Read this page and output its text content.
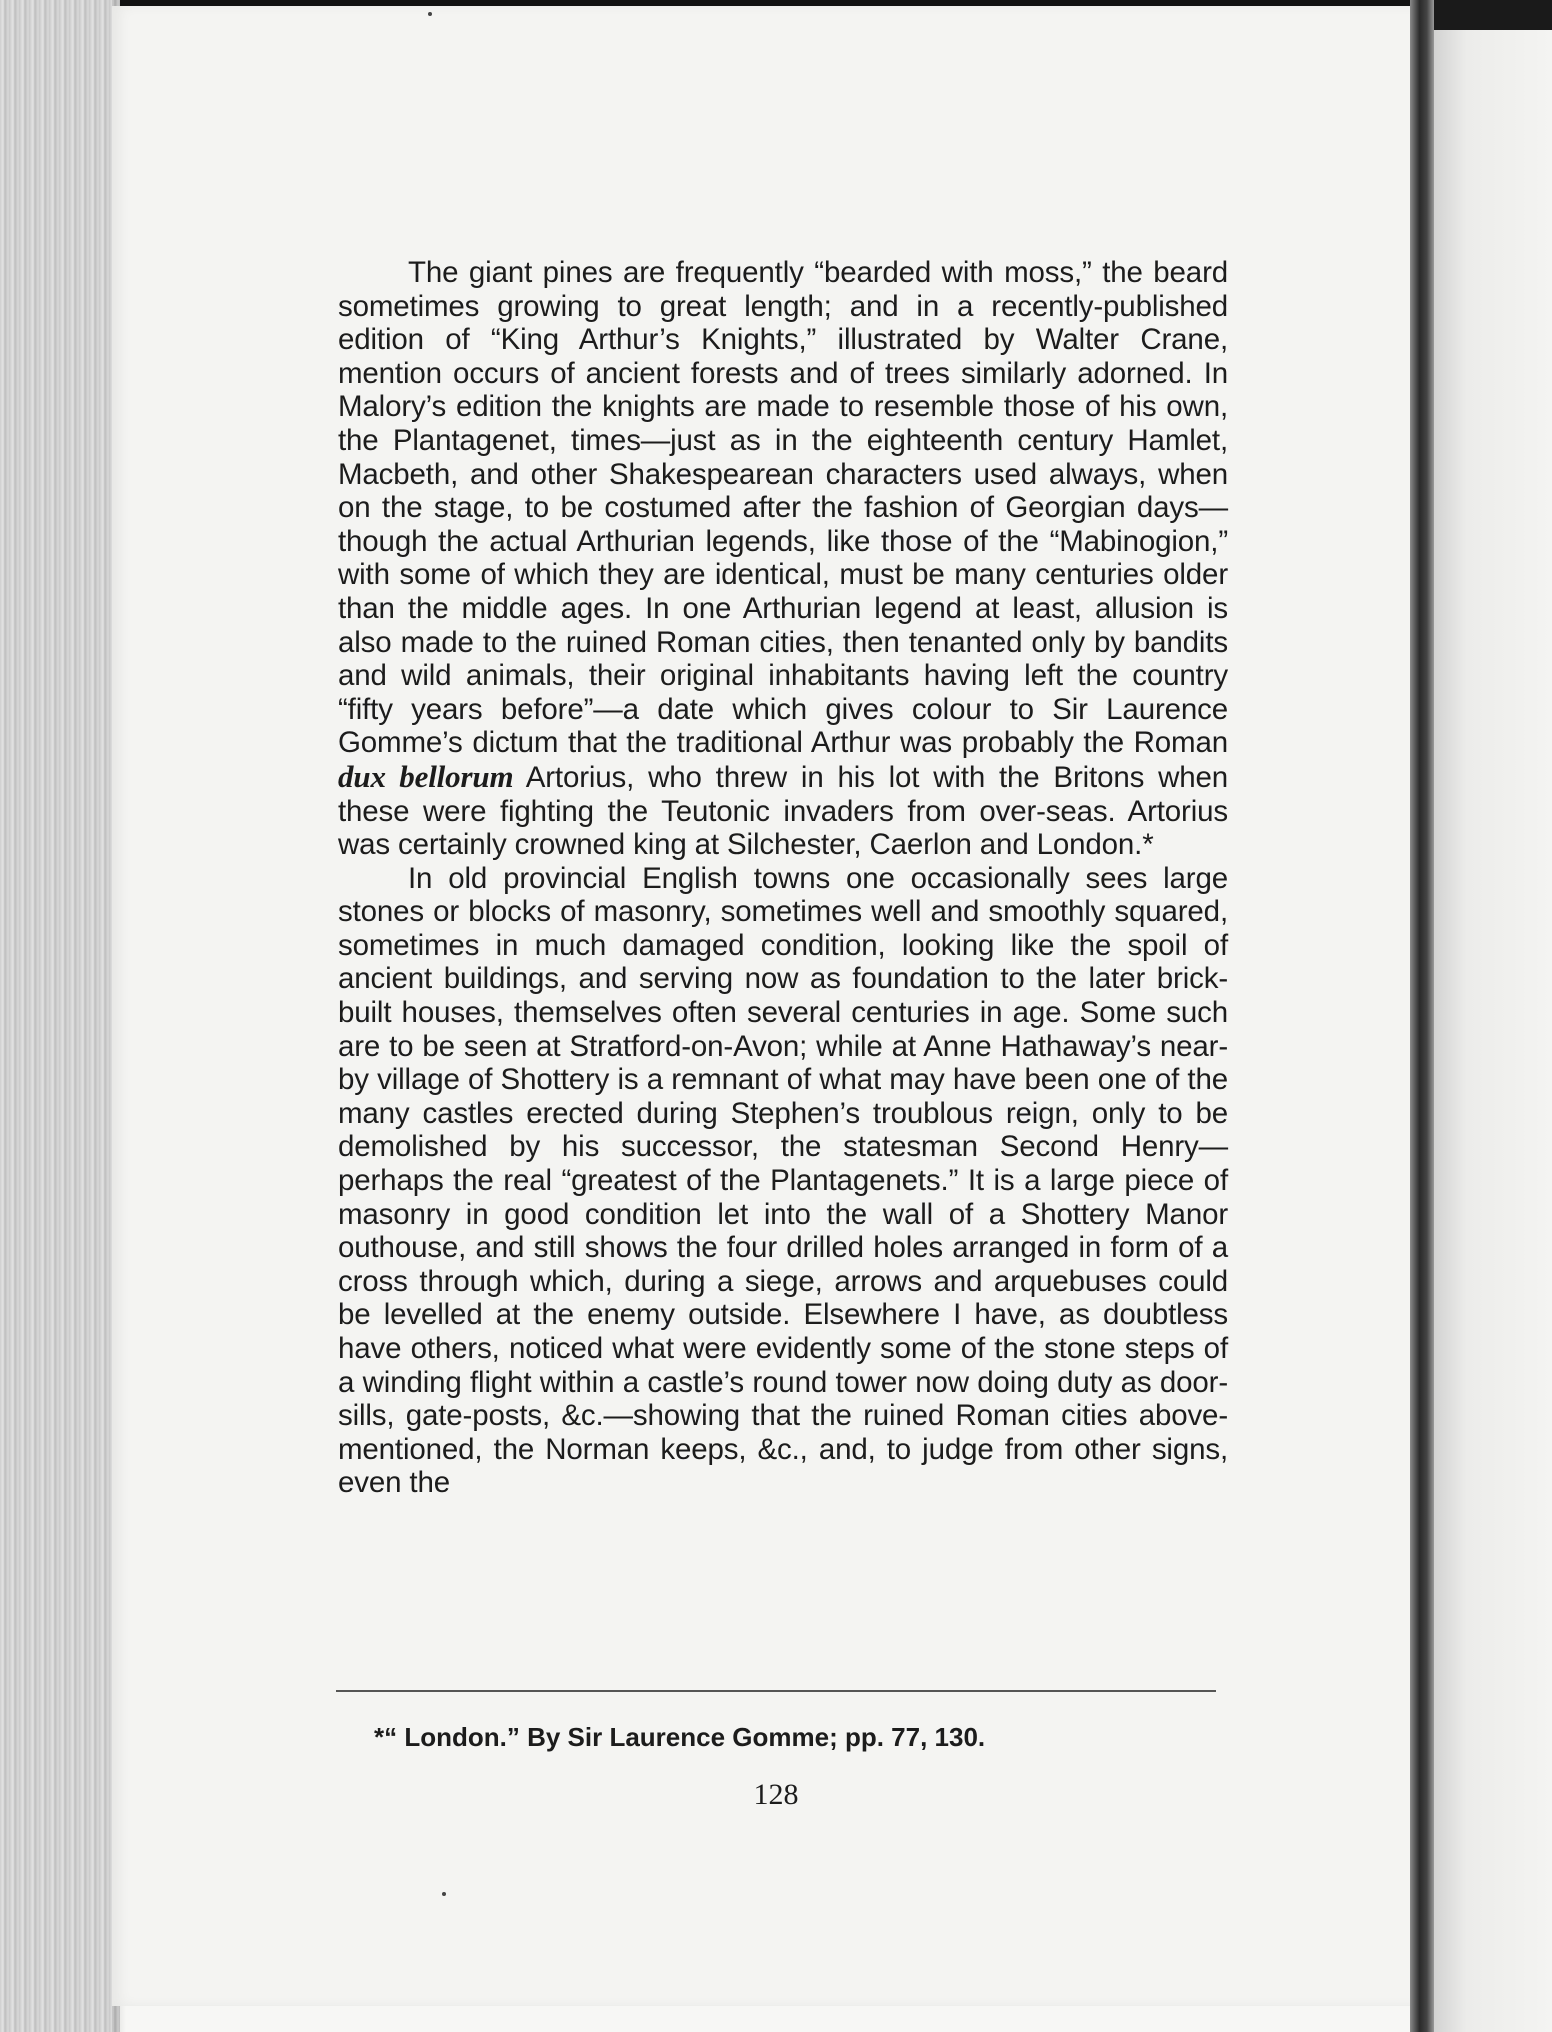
The giant pines are frequently “bearded with moss,” the beard sometimes growing to great length; and in a recently-published edition of “King Arthur’s Knights,” illustrated by Walter Crane, mention occurs of ancient forests and of trees similarly adorned. In Malory’s edition the knights are made to resemble those of his own, the Plantagenet, times—just as in the eighteenth century Hamlet, Macbeth, and other Shakespearean characters used always, when on the stage, to be costumed after the fashion of Georgian days—though the actual Arthurian legends, like those of the “Mabinogion,” with some of which they are identical, must be many centuries older than the middle ages. In one Arthurian legend at least, allusion is also made to the ruined Roman cities, then tenanted only by bandits and wild animals, their original inhabitants having left the country “fifty years before”—a date which gives colour to Sir Laurence Gomme’s dictum that the traditional Arthur was probably the Roman dux bellorum Artorius, who threw in his lot with the Britons when these were fighting the Teutonic invaders from over-seas. Artorius was certainly crowned king at Silchester, Caerlon and London.*

In old provincial English towns one occasionally sees large stones or blocks of masonry, sometimes well and smoothly squared, sometimes in much damaged condition, looking like the spoil of ancient buildings, and serving now as foundation to the later brick-built houses, themselves often several centuries in age. Some such are to be seen at Stratford-on-Avon; while at Anne Hathaway’s near-by village of Shottery is a remnant of what may have been one of the many castles erected during Stephen’s troublous reign, only to be demolished by his successor, the statesman Second Henry—perhaps the real “greatest of the Plantagenets.” It is a large piece of masonry in good condition let into the wall of a Shottery Manor outhouse, and still shows the four drilled holes arranged in form of a cross through which, during a siege, arrows and arquebuses could be levelled at the enemy outside. Elsewhere I have, as doubtless have others, noticed what were evidently some of the stone steps of a winding flight within a castle’s round tower now doing duty as door-sills, gate-posts, &c.—showing that the ruined Roman cities above-mentioned, the Norman keeps, &c., and, to judge from other signs, even the

*“ London.” By Sir Laurence Gomme; pp. 77, 130.
128
